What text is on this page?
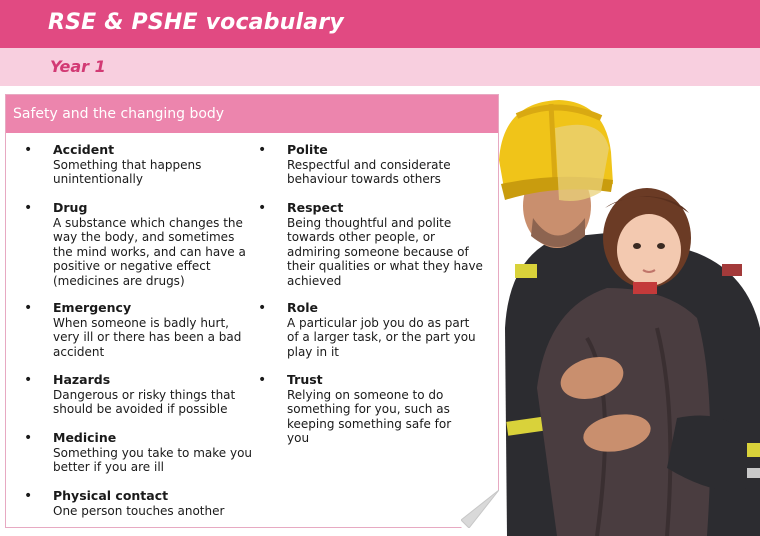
RSE & PSHE vocabulary
Year 1
Safety and the changing body
• Accident
Something that happens
unintentionally
• Drug
A substance which changes the
way the body, and sometimes
the mind works, and can have a
positive or negative effect
(medicines are drugs)
• Emergency
When someone is badly hurt,
very ill or there has been a bad
accident
• Hazards
Dangerous or risky things that
should be avoided if possible
• Medicine
Something you take to make you
better if you are ill
• Physical contact
One person touches another
• Polite
Respectful and considerate
behaviour towards others
• Respect
Being thoughtful and polite
towards other people, or
admiring someone because of
their qualities or what they have
achieved
• Role
A particular job you do as part
of a larger task, or the part you
play in it
• Trust
Relying on someone to do
something for you, such as
keeping something safe for
you
